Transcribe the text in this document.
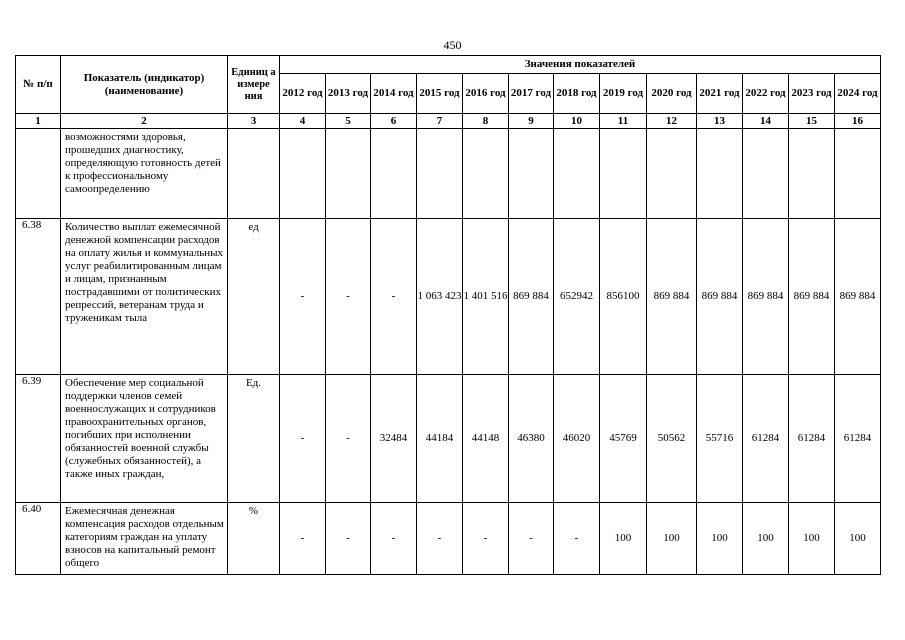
450
№ п/п	Показатель (индикатор) (наименование)	Единиц а измере ния	Значения показателей												
			2012 год	2013 год	2014 год	2015 год	2016 год	2017 год	2018 год	2019 год	2020 год	2021 год	2022 год	2023 год	2024 год
1	2	3	4	5	6	7	8	9	10	11	12	13	14	15	16
	возможностями здоровья, прошедших диагностику, определяющую готовность детей к профессиональному самоопределению														
6.38	Количество выплат ежемесячной денежной компенсации расходов на оплату жилья и коммунальных услуг реабилитированным лицам и лицам, признанным пострадавшими от политических репрессий, ветеранам труда и труженикам тыла	ед	-	-	-	1 063 423	1 401 516	869 884	652942	856100	869 884	869 884	869 884	869 884	869 884
6.39	Обеспечение мер социальной поддержки членов семей военнослужащих и сотрудников правоохранительных органов, погибших при исполнении обязанностей военной службы (служебных обязанностей), а также иных граждан,	Ед.	-	-	32484	44184	44148	46380	46020	45769	50562	55716	61284	61284	61284
6.40	Ежемесячная денежная компенсация расходов отдельным категориям граждан на уплату взносов на капитальный ремонт общего	%	-	-	-	-	-	-	-	100	100	100	100	100	100
